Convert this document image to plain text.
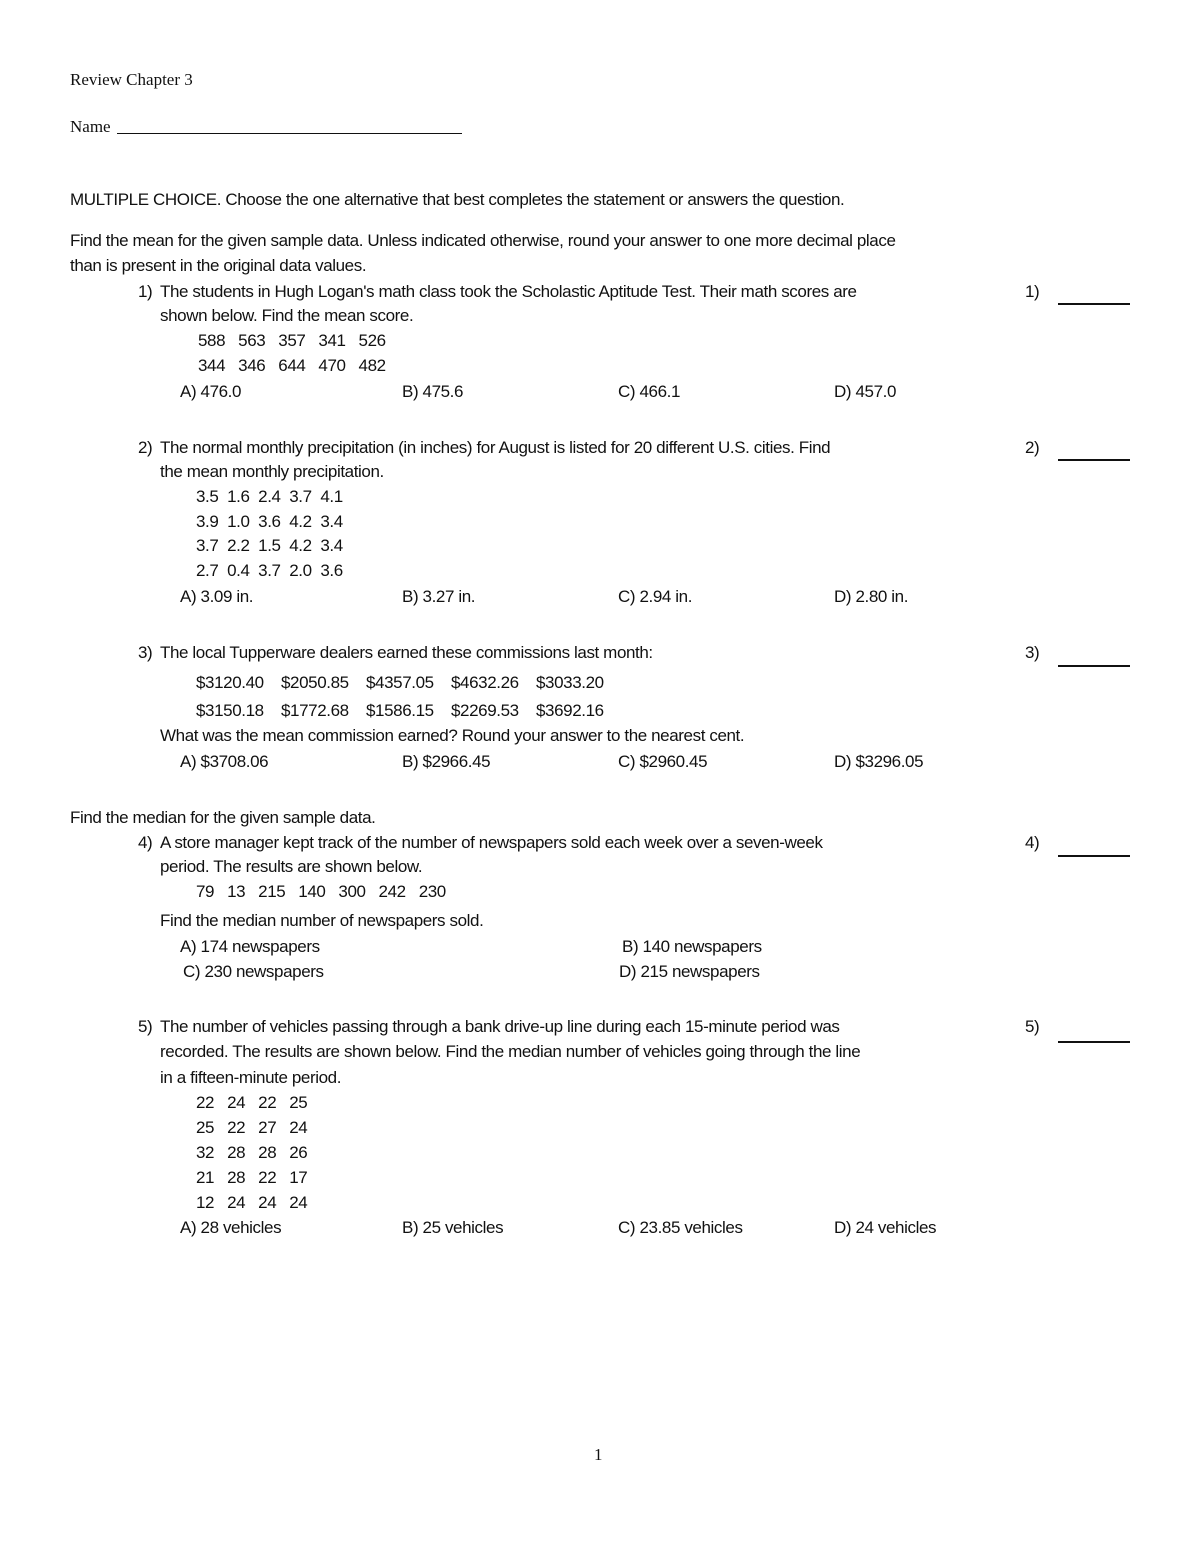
Review Chapter 3
Name
MULTIPLE CHOICE. Choose the one alternative that best completes the statement or answers the question.
Find the mean for the given sample data. Unless indicated otherwise, round your answer to one more decimal place
than is present in the original data values.
1) The students in Hugh Logan's math class took the Scholastic Aptitude Test. Their math scores are
shown below. Find the mean score.
588   563   357   341   526
344   346   644   470   482
A) 476.0	B) 475.6	C) 466.1	D) 457.0
1)
2) The normal monthly precipitation (in inches) for August is listed for 20 different U.S. cities. Find
the mean monthly precipitation.
3.5  1.6  2.4  3.7  4.1
3.9  1.0  3.6  4.2  3.4
3.7  2.2  1.5  4.2  3.4
2.7  0.4  3.7  2.0  3.6
A) 3.09 in.	B) 3.27 in.	C) 2.94 in.	D) 2.80 in.
2)
3) The local Tupperware dealers earned these commissions last month:
$3120.40    $2050.85    $4357.05    $4632.26    $3033.20
$3150.18    $1772.68    $1586.15    $2269.53    $3692.16
What was the mean commission earned? Round your answer to the nearest cent.
A) $3708.06	B) $2966.45	C) $2960.45	D) $3296.05
3)
Find the median for the given sample data.
4) A store manager kept track of the number of newspapers sold each week over a seven-week
period. The results are shown below.
79   13   215   140   300   242   230
Find the median number of newspapers sold.
A) 174 newspapers	B) 140 newspapers
C) 230 newspapers	D) 215 newspapers
4)
5) The number of vehicles passing through a bank drive-up line during each 15-minute period was
recorded. The results are shown below. Find the median number of vehicles going through the line
in a fifteen-minute period.
22   24   22   25
25   22   27   24
32   28   28   26
21   28   22   17
12   24   24   24
A) 28 vehicles	B) 25 vehicles	C) 23.85 vehicles	D) 24 vehicles
5)
1
